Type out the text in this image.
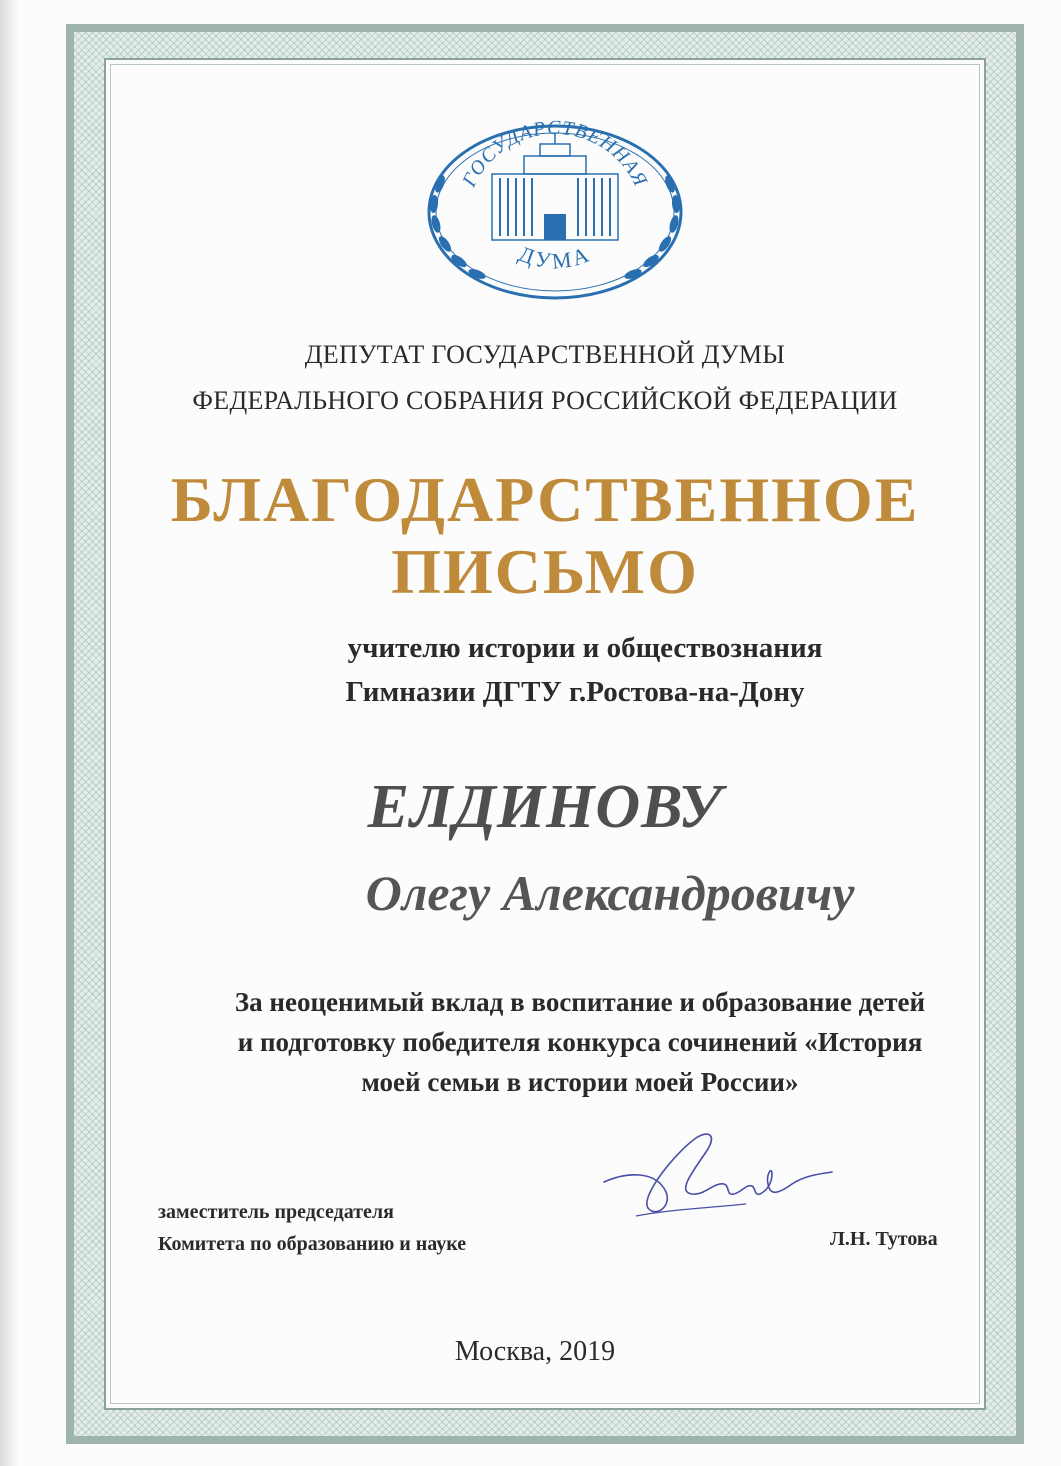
ГОСУДАРСТВЕННАЯ
ДУМА
ДЕПУТАТ ГОСУДАРСТВЕННОЙ ДУМЫ
ФЕДЕРАЛЬНОГО СОБРАНИЯ РОССИЙСКОЙ ФЕДЕРАЦИИ
БЛАГОДАРСТВЕННОЕ
ПИСЬМО
учителю истории и обществознания
Гимназии ДГТУ г.Ростова-на-Дону
ЕЛДИНОВУ
Олегу Александровичу
За неоценимый вклад в воспитание и образование детей
и подготовку победителя конкурса сочинений «История
моей семьи в истории моей России»
заместитель председателя
Комитета по образованию и науке	Л.Н. Тутова
Москва, 2019
